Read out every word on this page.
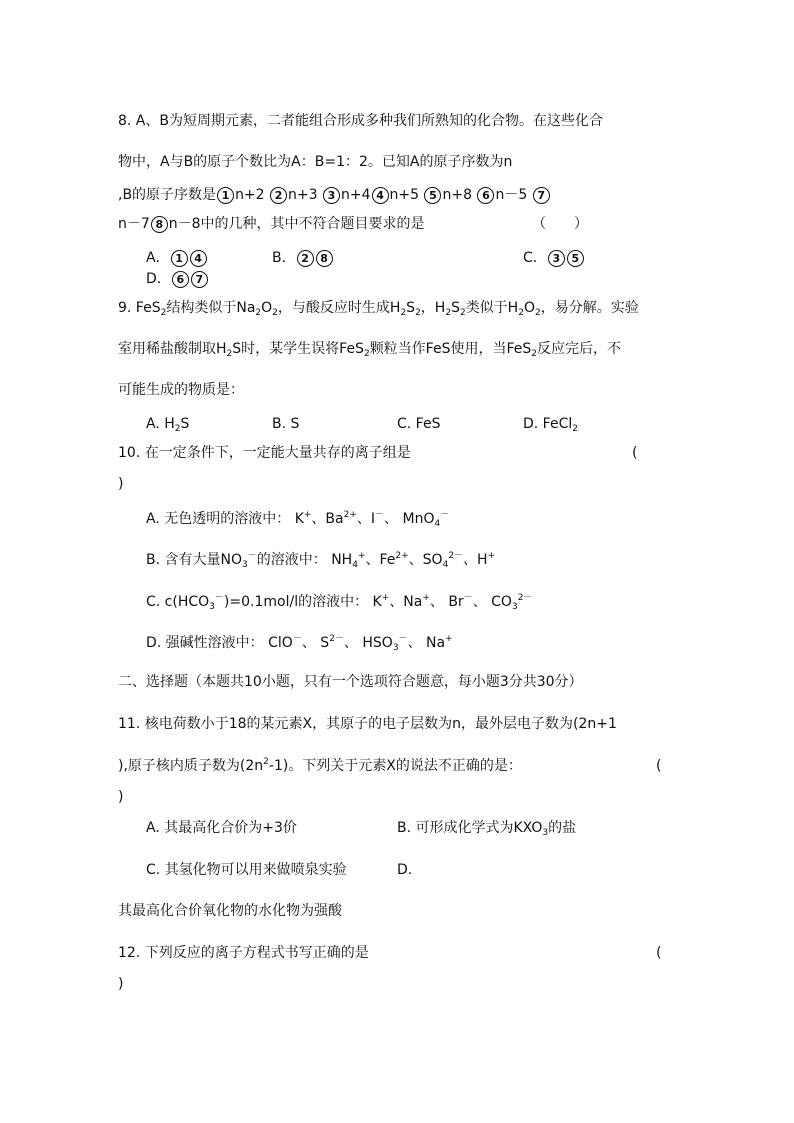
8. A、B为短周期元素，二者能组合形成多种我们所熟知的化合物。在这些化合
物中，A与B的原子个数比为A：B=1：2。已知A的原子序数为n
,B的原子序数是 1 n+2 2 n+3 3 n+4 4 n+5 5 n+8 6 n－5 7
n－7 8 n－8中的几种，其中不符合题目要求的是	（　　）
A． 1 4	B． 2 8	C． 3 5
D． 6 7
9. FeS$_2$结构类似于$Na_2O_2$，与酸反应时生成$H_2S_2$，$H_2S_2$类似于$H_2O_2$，易分解。实验
室用稀盐酸制取$H_2S$时，某学生误将FeS$_2$颗粒当作FeS使用，当FeS$_2$反应完后，不
可能生成的物质是：
A. $H_2S$	B. S	C. FeS	D. FeCl$_2$
10. 在一定条件下，一定能大量共存的离子组是	(
)
A. 无色透明的溶液中： K+、$Ba^{2+}$、I－、 MnO$_4$－
B. 含有大量$NO_3^-$的溶液中： $NH_4^+$、$Fe^{2+}$、$SO_4^{2-}$、H+
C. $c(HCO_3^-)=0.1mol/l$的溶液中： K+、Na+、 Br－、 $CO_3^{2-}$
D. 强碱性溶液中： ClO－、 $S^{2-}$、 $HSO_3^-$、 Na+
二、选择题（本题共10小题，只有一个选项符合题意，每小题3分共30分）
11. 核电荷数小于18的某元素X，其原子的电子层数为n，最外层电子数为(2n+1
),原子核内质子数为$(2n^2-1)$。下列关于元素X的说法不正确的是：	(
)
A. 其最高化合价为+3价	B. 可形成化学式为$KXO_3$的盐
C. 其氢化物可以用来做喷泉实验	D.
其最高化合价氧化物的水化物为强酸
12. 下列反应的离子方程式书写正确的是	(
)
